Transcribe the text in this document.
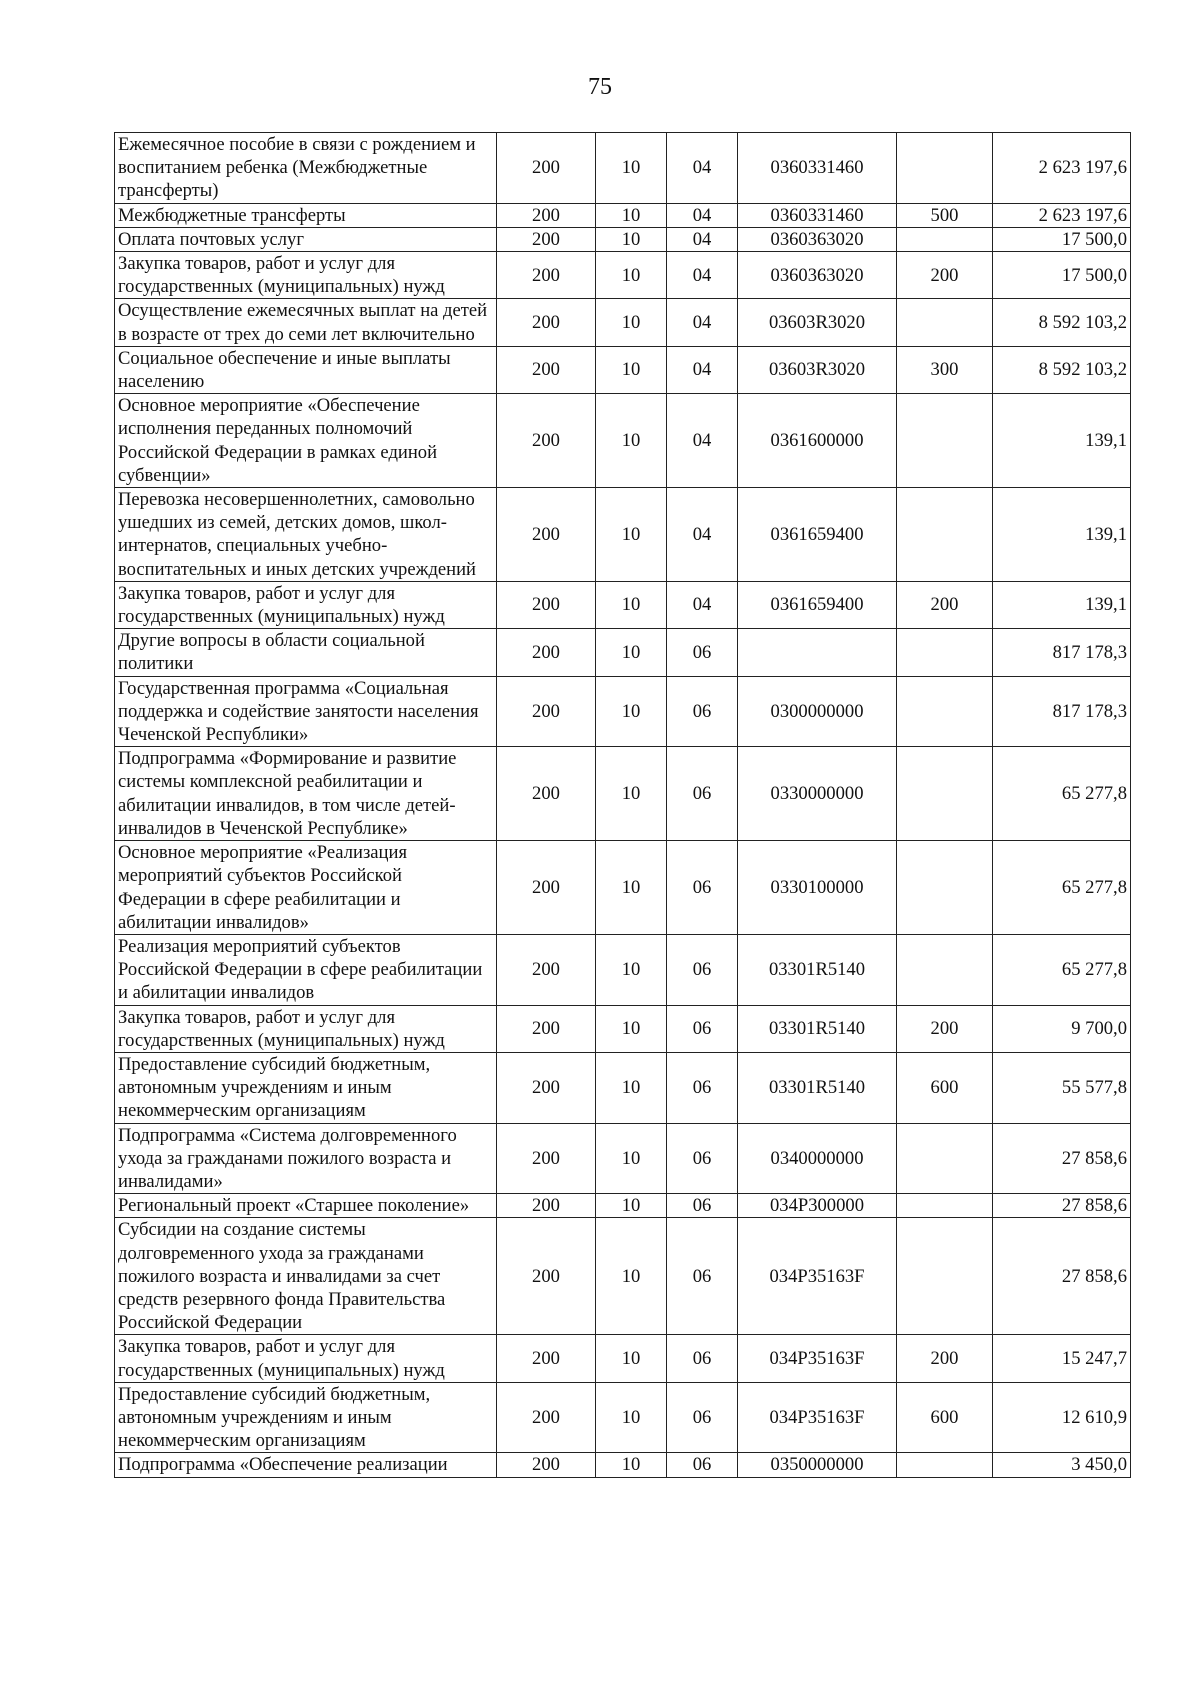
75
Ежемесячное пособие в связи с рождением и воспитанием ребенка (Межбюджетные трансферты)	200	10	04	0360331460		2 623 197,6
Межбюджетные трансферты	200	10	04	0360331460	500	2 623 197,6
Оплата почтовых услуг	200	10	04	0360363020		17 500,0
Закупка товаров, работ и услуг для государственных (муниципальных) нужд	200	10	04	0360363020	200	17 500,0
Осуществление ежемесячных выплат на детей в возрасте от трех до семи лет включительно	200	10	04	03603R3020		8 592 103,2
Социальное обеспечение и иные выплаты населению	200	10	04	03603R3020	300	8 592 103,2
Основное мероприятие «Обеспечение исполнения переданных полномочий Российской Федерации в рамках единой субвенции»	200	10	04	0361600000		139,1
Перевозка несовершеннолетних, самовольно ушедших из семей, детских домов, школ-интернатов, специальных учебно-воспитательных и иных детских учреждений	200	10	04	0361659400		139,1
Закупка товаров, работ и услуг для государственных (муниципальных) нужд	200	10	04	0361659400	200	139,1
Другие вопросы в области социальной политики	200	10	06			817 178,3
Государственная программа «Социальная поддержка и содействие занятости населения Чеченской Республики»	200	10	06	0300000000		817 178,3
Подпрограмма «Формирование и развитие системы комплексной реабилитации и абилитации инвалидов, в том числе детей-инвалидов в Чеченской Республике»	200	10	06	0330000000		65 277,8
Основное мероприятие «Реализация мероприятий субъектов Российской Федерации в сфере реабилитации и абилитации инвалидов»	200	10	06	0330100000		65 277,8
Реализация мероприятий субъектов Российской Федерации в сфере реабилитации и абилитации инвалидов	200	10	06	03301R5140		65 277,8
Закупка товаров, работ и услуг для государственных (муниципальных) нужд	200	10	06	03301R5140	200	9 700,0
Предоставление субсидий бюджетным, автономным учреждениям и иным некоммерческим организациям	200	10	06	03301R5140	600	55 577,8
Подпрограмма «Система долговременного ухода за гражданами пожилого возраста и инвалидами»	200	10	06	0340000000		27 858,6
Региональный проект «Старшее поколение»	200	10	06	034P300000		27 858,6
Субсидии на создание системы долговременного ухода за гражданами пожилого возраста и инвалидами за счет средств резервного фонда Правительства Российской Федерации	200	10	06	034P35163F		27 858,6
Закупка товаров, работ и услуг для государственных (муниципальных) нужд	200	10	06	034P35163F	200	15 247,7
Предоставление субсидий бюджетным, автономным учреждениям и иным некоммерческим организациям	200	10	06	034P35163F	600	12 610,9
Подпрограмма «Обеспечение реализации	200	10	06	0350000000		3 450,0
